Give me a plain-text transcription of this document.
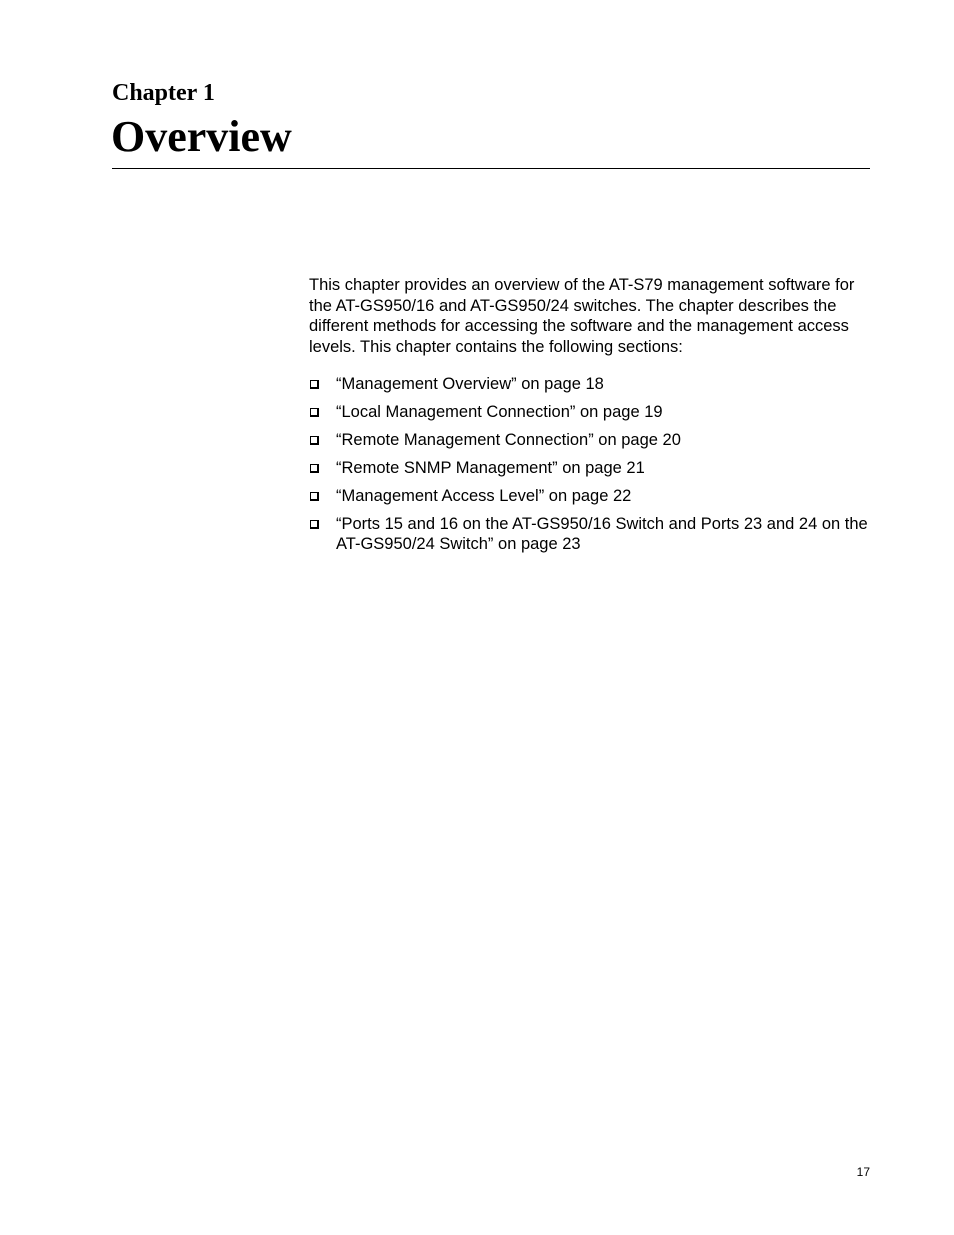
Chapter 1
Overview

This chapter provides an overview of the AT-S79 management software for the AT-GS950/16 and AT-GS950/24 switches. The chapter describes the different methods for accessing the software and the management access levels. This chapter contains the following sections:

“Management Overview” on page 18
“Local Management Connection” on page 19
“Remote Management Connection” on page 20
“Remote SNMP Management” on page 21
“Management Access Level” on page 22
“Ports 15 and 16 on the AT-GS950/16 Switch and Ports 23 and 24 on the AT-GS950/24 Switch” on page 23

17
